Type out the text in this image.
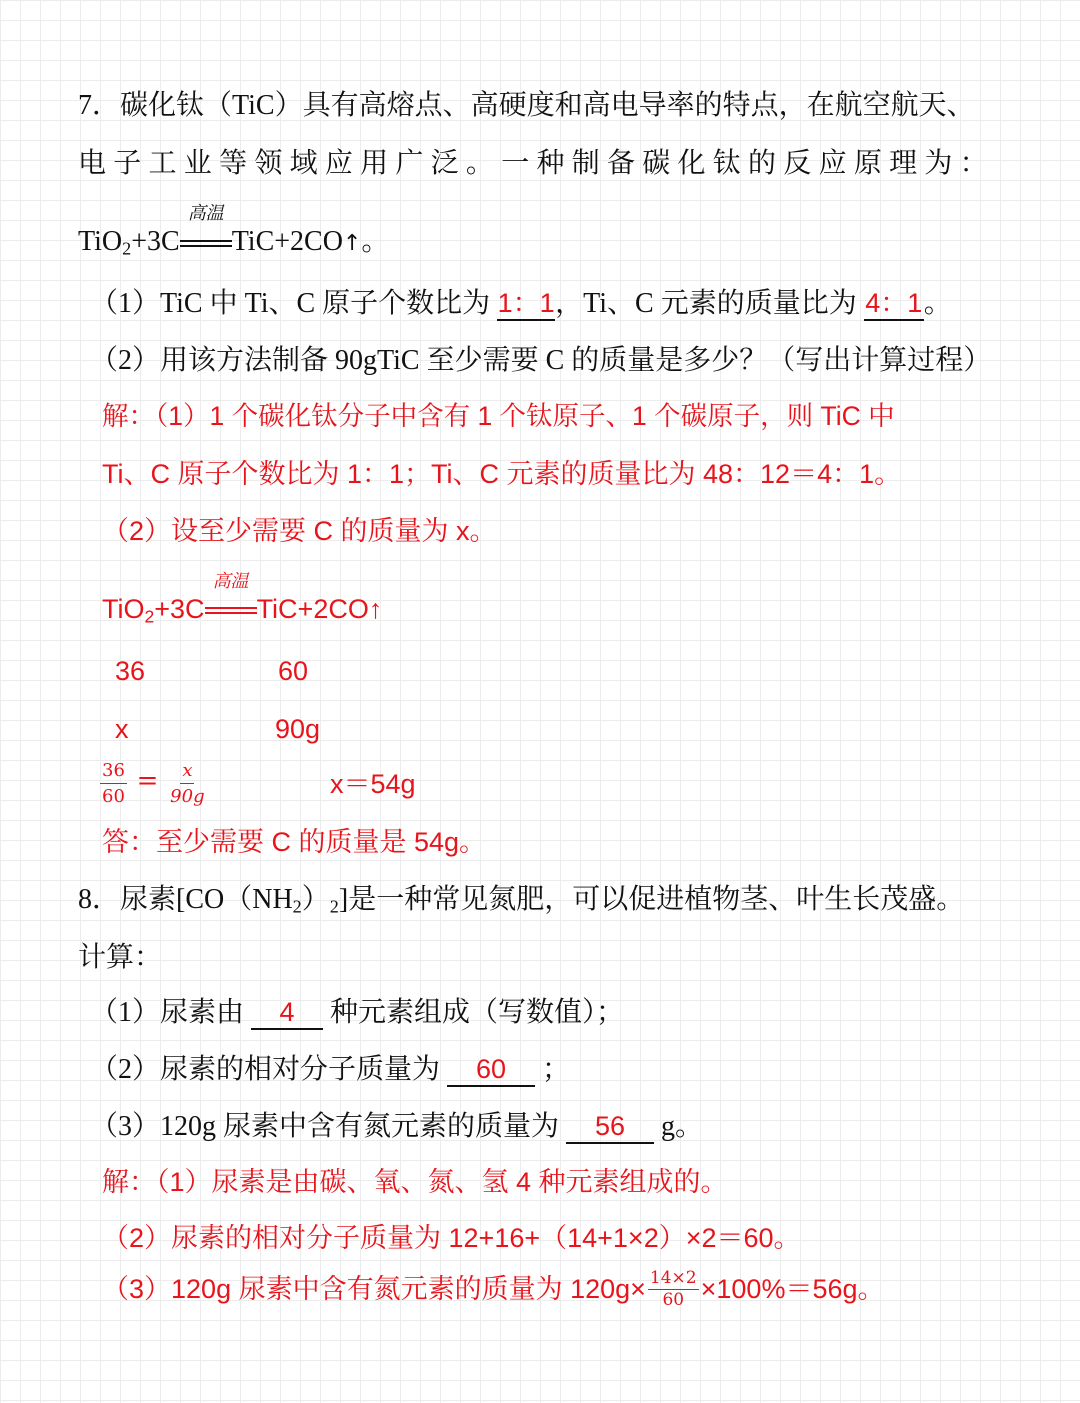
7．碳化钛（TiC）具有高熔点、高硬度和高电导率的特点，在航空航天、
电 子 工 业 等 领 域 应 用 广 泛 。 一 种 制 备 碳 化 钛 的 反 应 原 理 为 ：
TiO$_2$+3C
高温
TiC+2CO↑。
（1）TiC 中 Ti、C 原子个数比为 1：1，Ti、C 元素的质量比为 4：1。
（2）用该方法制备 90gTiC 至少需要 C 的质量是多少？（写出计算过程）
解：（1）1 个碳化钛分子中含有 1 个钛原子、1 个碳原子，则 TiC 中
Ti、C 原子个数比为 1：1；Ti、C 元素的质量比为 48：12＝4：1。
（2）设至少需要 C 的质量为 x。
TiO$_2$+3C
高温
TiC+2CO↑
36	60
x	90g
$\frac{36}{60} = \frac{x}{90g}$	x＝54g
答：至少需要 C 的质量是 54g。
8．尿素$[CO(NH_2)_2]$是一种常见氮肥，可以促进植物茎、叶生长茂盛。
计算：
（1）尿素由 4 种元素组成（写数值）；
（2）尿素的相对分子质量为 60 ；
（3）120g 尿素中含有氮元素的质量为 56 g。
解：（1）尿素是由碳、氧、氮、氢 4 种元素组成的。
（2）尿素的相对分子质量为 12+16+（14+1×2）×2＝60。
（3）120g 尿素中含有氮元素的质量为 $120g\times \frac{14\times 2}{60} \times 100\%=56g$。
